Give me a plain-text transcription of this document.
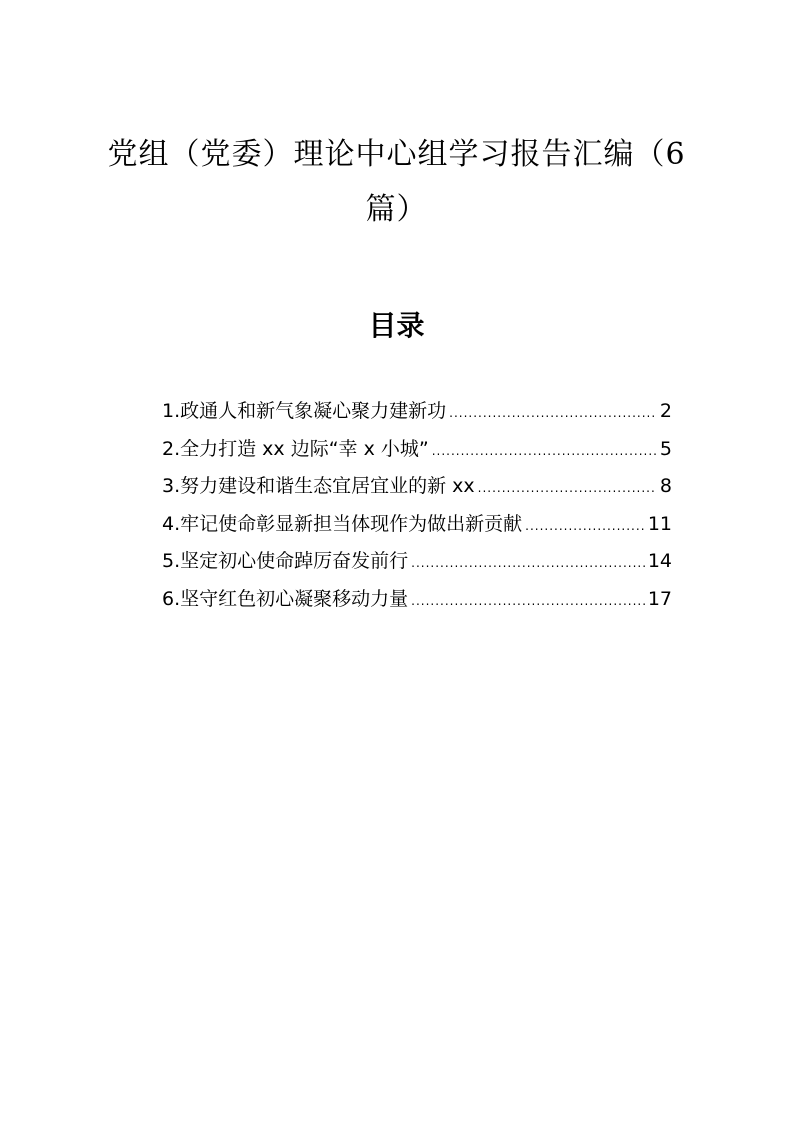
党组（党委）理论中心组学习报告汇编（6
篇）
目录
1.政通人和新气象凝心聚力建新功 .....	2
2.全力打造 xx 边际“幸 x 小城” .....	5
3.努力建设和谐生态宜居宜业的新 xx .....	8
4.牢记使命彰显新担当体现作为做出新贡献 .....	11
5.坚定初心使命踔厉奋发前行 .....	14
6.坚守红色初心凝聚移动力量 .....	17
